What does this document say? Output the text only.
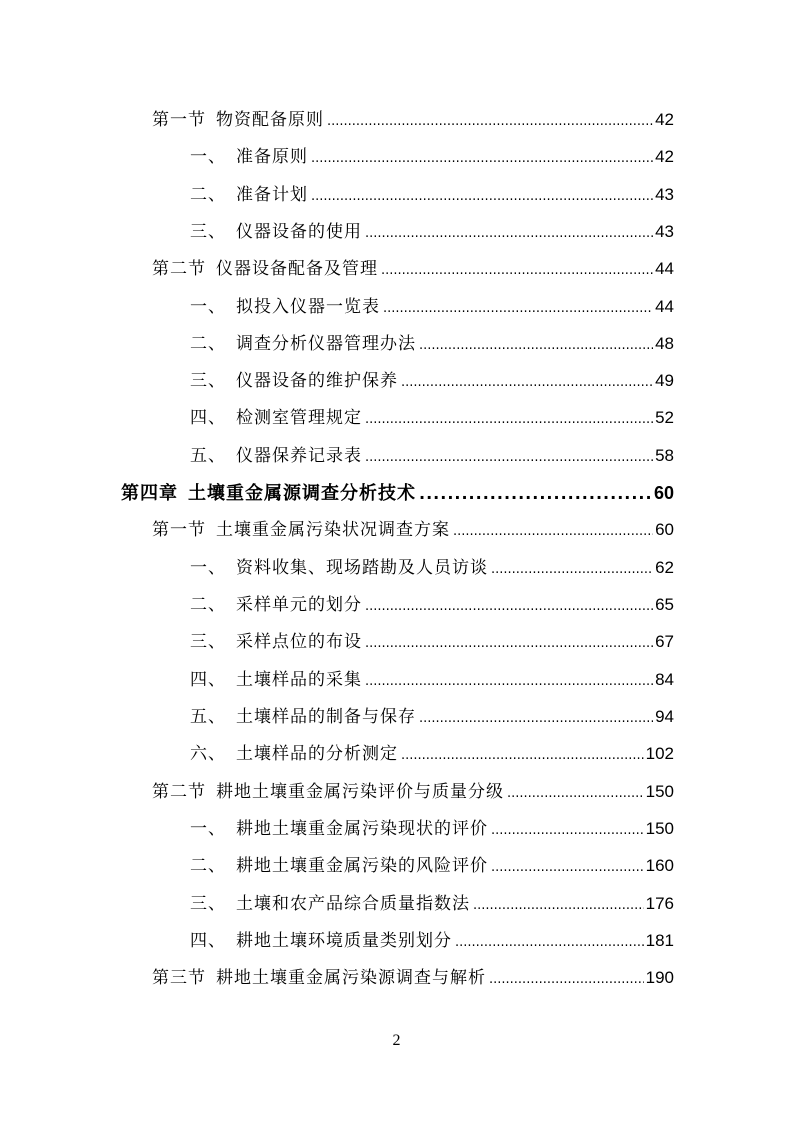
第一节 物资配备原则 .....	42
一、 准备原则 .....	42
二、 准备计划 .....	43
三、 仪器设备的使用 .....	43
第二节 仪器设备配备及管理 .....	44
一、 拟投入仪器一览表 .....	44
二、 调查分析仪器管理办法 .....	48
三、 仪器设备的维护保养 .....	49
四、 检测室管理规定 .....	52
五、 仪器保养记录表 .....	58
第四章 土壤重金属源调查分析技术 .....	60
第一节 土壤重金属污染状况调查方案 .....	60
一、 资料收集、现场踏勘及人员访谈 .....	62
二、 采样单元的划分 .....	65
三、 采样点位的布设 .....	67
四、 土壤样品的采集 .....	84
五、 土壤样品的制备与保存 .....	94
六、 土壤样品的分析测定 .....	102
第二节 耕地土壤重金属污染评价与质量分级 .....	150
一、 耕地土壤重金属污染现状的评价 .....	150
二、 耕地土壤重金属污染的风险评价 .....	160
三、 土壤和农产品综合质量指数法 .....	176
四、 耕地土壤环境质量类别划分 .....	181
第三节 耕地土壤重金属污染源调查与解析 .....	190
2
